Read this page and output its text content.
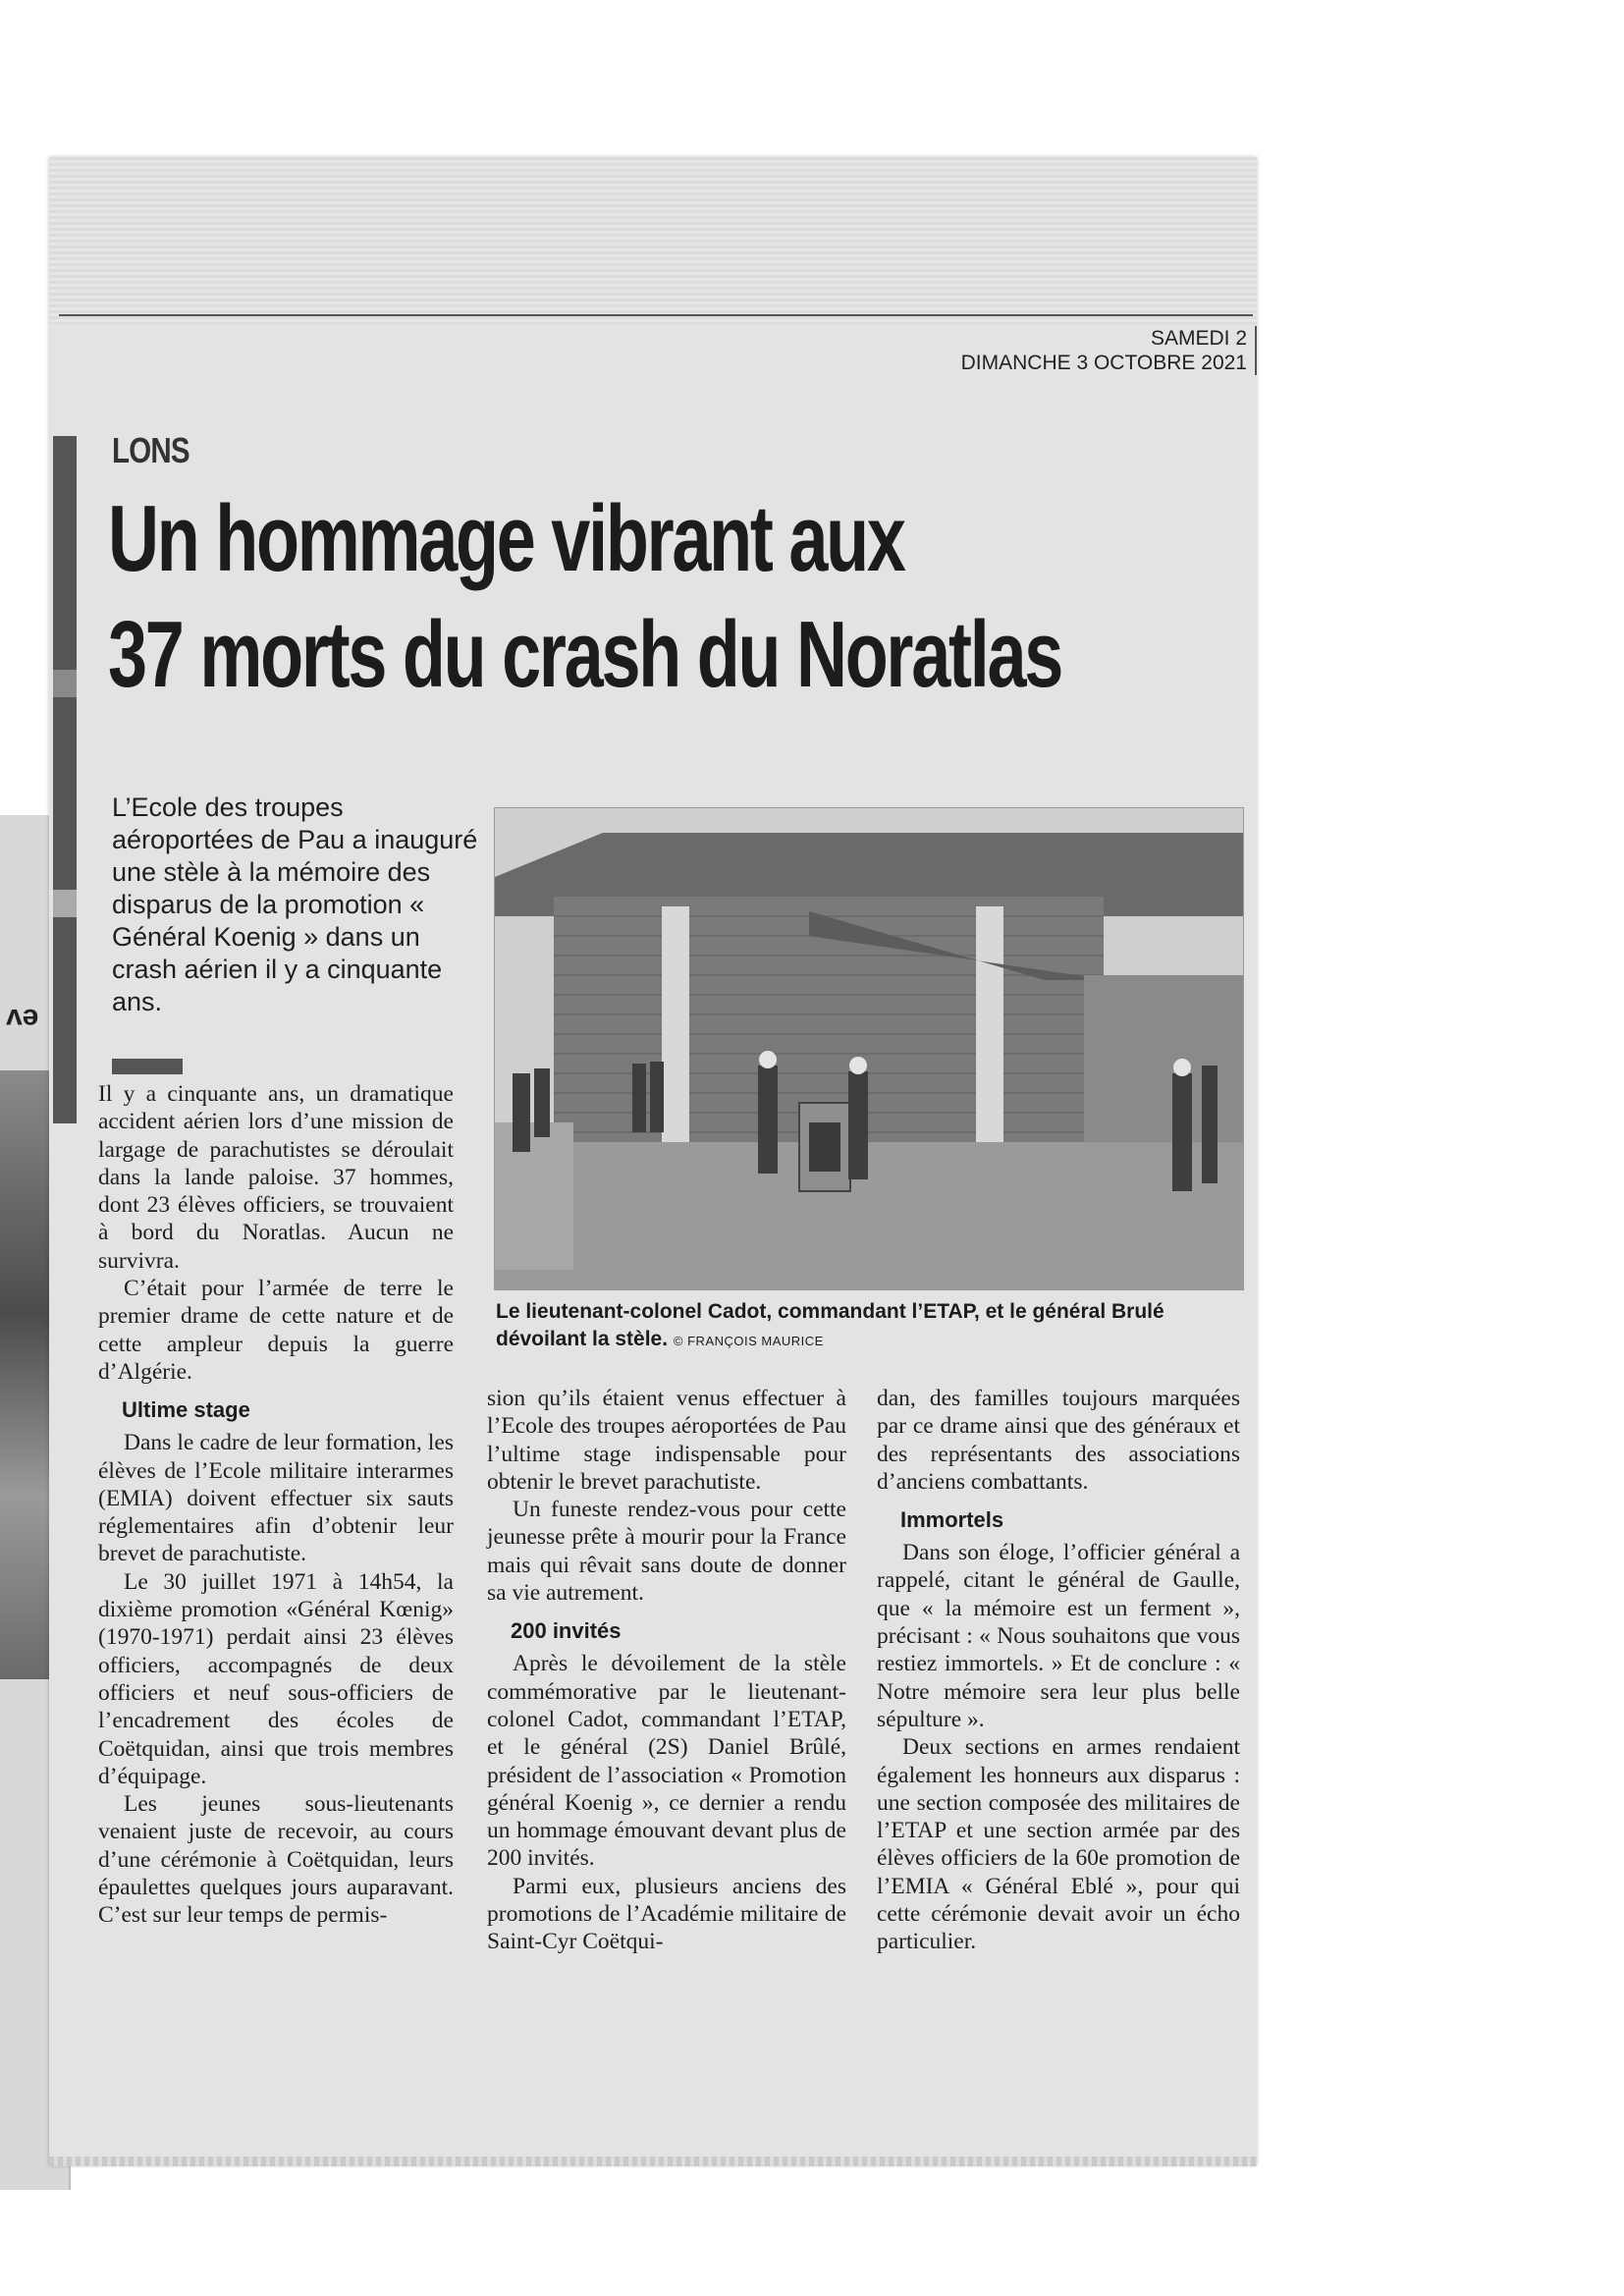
ev
SAMEDI 2
DIMANCHE 3 OCTOBRE 2021
LONS
Un hommage vibrant aux
37 morts du crash du Noratlas
L’Ecole des troupes aéroportées de Pau a inauguré une stèle à la mémoire des disparus de la promotion « Général Koenig » dans un crash aérien il y a cinquante ans.
Le lieutenant-colonel Cadot, commandant l’ETAP, et le général Brulé dévoilant la stèle. © FRANÇOIS MAURICE

Il y a cinquante ans, un dramatique accident aérien lors d’une mission de largage de parachutistes se déroulait dans la lande paloise. 37 hommes, dont 23 élèves officiers, se trouvaient à bord du Noratlas. Aucun ne survivra.

C’était pour l’armée de terre le premier drame de cette nature et de cette ampleur depuis la guerre d’Algérie.

Ultime stage

Dans le cadre de leur formation, les élèves de l’Ecole militaire interarmes (EMIA) doivent effectuer six sauts réglementaires afin d’obtenir leur brevet de parachutiste.

Le 30 juillet 1971 à 14h54, la dixième promotion «Général Kœnig» (1970-1971) perdait ainsi 23 élèves officiers, accompagnés de deux officiers et neuf sous-officiers de l’encadrement des écoles de Coëtquidan, ainsi que trois membres d’équipage.

Les jeunes sous-lieutenants venaient juste de recevoir, au cours d’une cérémonie à Coëtquidan, leurs épaulettes quelques jours auparavant. C’est sur leur temps de permis-

sion qu’ils étaient venus effectuer à l’Ecole des troupes aéroportées de Pau l’ultime stage indispensable pour obtenir le brevet parachutiste.

Un funeste rendez-vous pour cette jeunesse prête à mourir pour la France mais qui rêvait sans doute de donner sa vie autrement.

200 invités

Après le dévoilement de la stèle commémorative par le lieutenant-colonel Cadot, commandant l’ETAP, et le général (2S) Daniel Brûlé, président de l’association « Promotion général Koenig », ce dernier a rendu un hommage émouvant devant plus de 200 invités.

Parmi eux, plusieurs anciens des promotions de l’Académie militaire de Saint-Cyr Coëtqui-

dan, des familles toujours marquées par ce drame ainsi que des généraux et des représentants des associations d’anciens combattants.

Immortels

Dans son éloge, l’officier général a rappelé, citant le général de Gaulle, que « la mémoire est un ferment », précisant : « Nous souhaitons que vous restiez immortels. » Et de conclure : « Notre mémoire sera leur plus belle sépulture ».

Deux sections en armes rendaient également les honneurs aux disparus : une section composée des militaires de l’ETAP et une section armée par des élèves officiers de la 60e promotion de l’EMIA « Général Eblé », pour qui cette cérémonie devait avoir un écho particulier.
